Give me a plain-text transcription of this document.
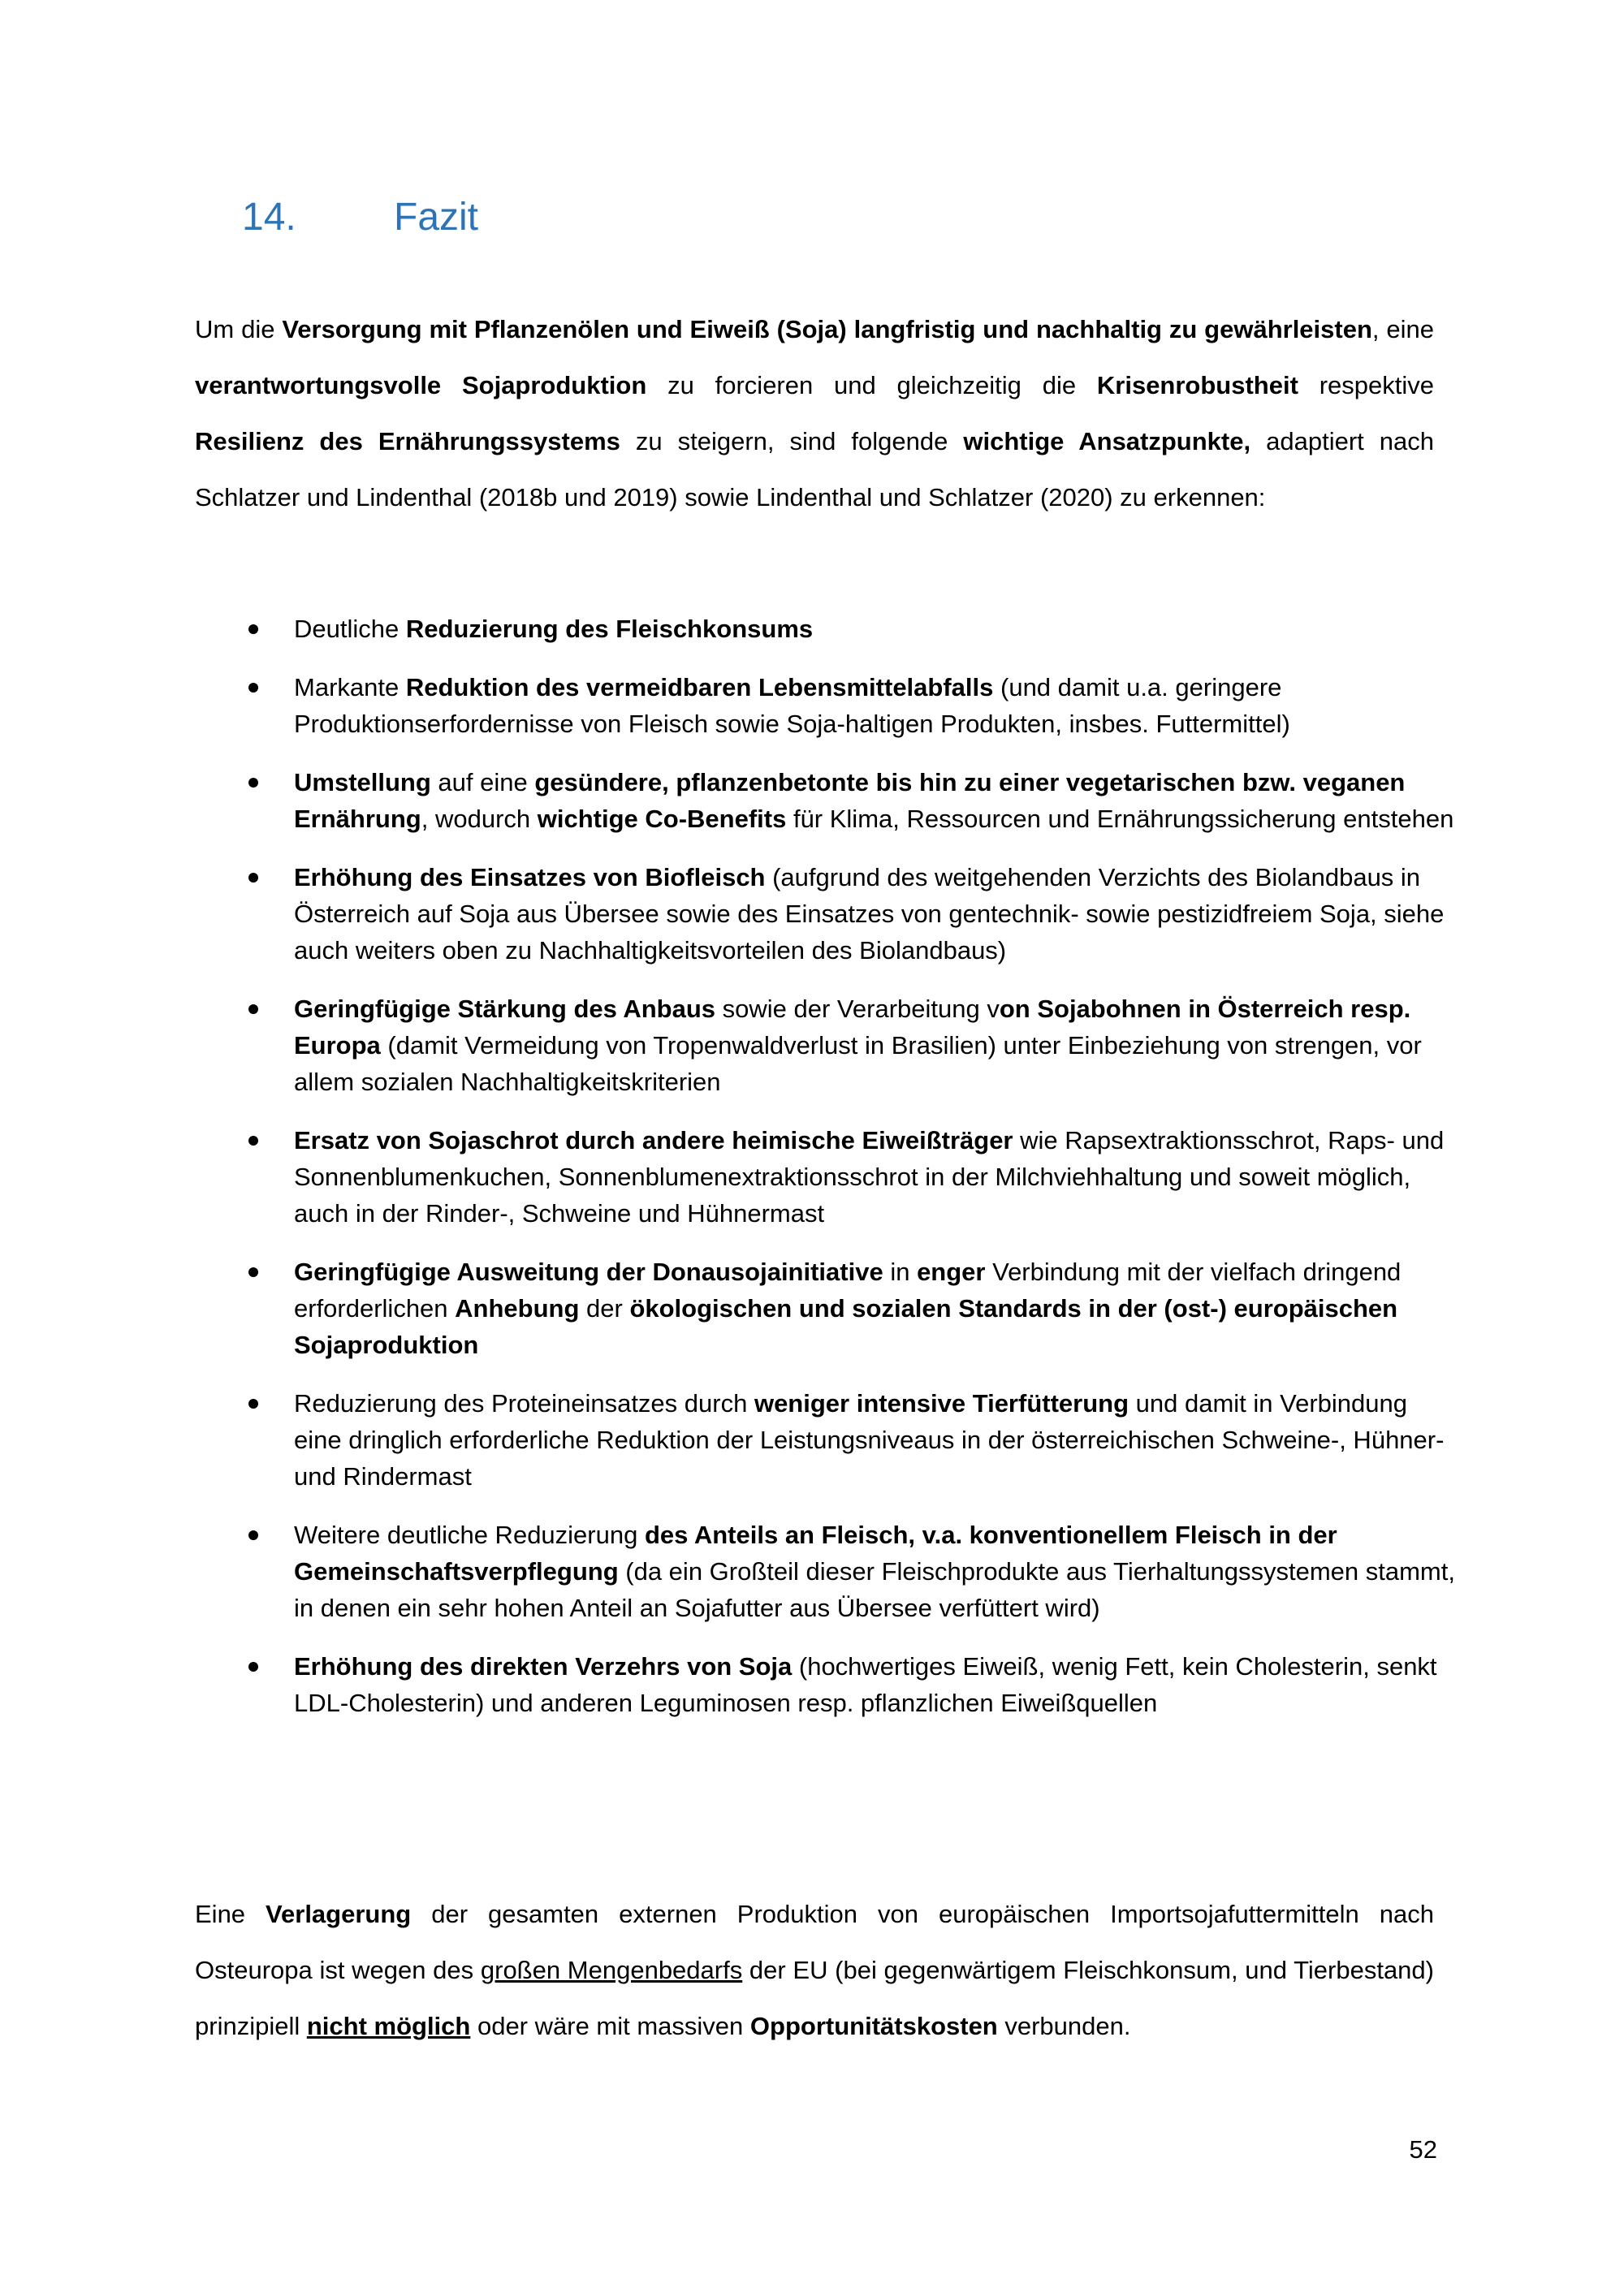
14.	Fazit

Um die Versorgung mit Pflanzenölen und Eiweiß (Soja) langfristig und nachhaltig zu gewährleisten, eine verantwortungsvolle Sojaproduktion zu forcieren und gleichzeitig die Krisenrobustheit respektive Resilienz des Ernährungssystems zu steigern, sind folgende wichtige Ansatzpunkte, adaptiert nach Schlatzer und Lindenthal (2018b und 2019) sowie Lindenthal und Schlatzer (2020) zu erkennen:

Deutliche Reduzierung des Fleischkonsums
Markante Reduktion des vermeidbaren Lebensmittelabfalls (und damit u.a. geringere Produktionserfordernisse von Fleisch sowie Soja-haltigen Produkten, insbes. Futtermittel)
Umstellung auf eine gesündere, pflanzenbetonte bis hin zu einer vegetarischen bzw. veganen Ernährung, wodurch wichtige Co-Benefits für Klima, Ressourcen und Ernährungssicherung entstehen
Erhöhung des Einsatzes von Biofleisch (aufgrund des weitgehenden Verzichts des Biolandbaus in Österreich auf Soja aus Übersee sowie des Einsatzes von gentechnik- sowie pestizidfreiem Soja, siehe auch weiters oben zu Nachhaltigkeitsvorteilen des Biolandbaus)
Geringfügige Stärkung des Anbaus sowie der Verarbeitung von Sojabohnen in Österreich resp. Europa (damit Vermeidung von Tropenwaldverlust in Brasilien) unter Einbeziehung von strengen, vor allem sozialen Nachhaltigkeitskriterien
Ersatz von Sojaschrot durch andere heimische Eiweißträger wie Rapsextraktionsschrot, Raps- und Sonnenblumenkuchen, Sonnenblumenextraktionsschrot in der Milchviehhaltung und soweit möglich, auch in der Rinder-, Schweine und Hühnermast
Geringfügige Ausweitung der Donausojainitiative in enger Verbindung mit der vielfach dringend erforderlichen Anhebung der ökologischen und sozialen Standards in der (ost-) europäischen Sojaproduktion
Reduzierung des Proteineinsatzes durch weniger intensive Tierfütterung und damit in Verbindung eine dringlich erforderliche Reduktion der Leistungsniveaus in der österreichischen Schweine-, Hühner- und Rindermast
Weitere deutliche Reduzierung des Anteils an Fleisch, v.a. konventionellem Fleisch in der Gemeinschaftsverpflegung (da ein Großteil dieser Fleischprodukte aus Tierhaltungssystemen stammt, in denen ein sehr hohen Anteil an Sojafutter aus Übersee verfüttert wird)
Erhöhung des direkten Verzehrs von Soja (hochwertiges Eiweiß, wenig Fett, kein Cholesterin, senkt LDL-Cholesterin) und anderen Leguminosen resp. pflanzlichen Eiweißquellen

Eine Verlagerung der gesamten externen Produktion von europäischen Importsojafuttermitteln nach Osteuropa ist wegen des großen Mengenbedarfs der EU (bei gegenwärtigem Fleischkonsum, und Tierbestand) prinzipiell nicht möglich oder wäre mit massiven Opportunitätskosten verbunden.

52
